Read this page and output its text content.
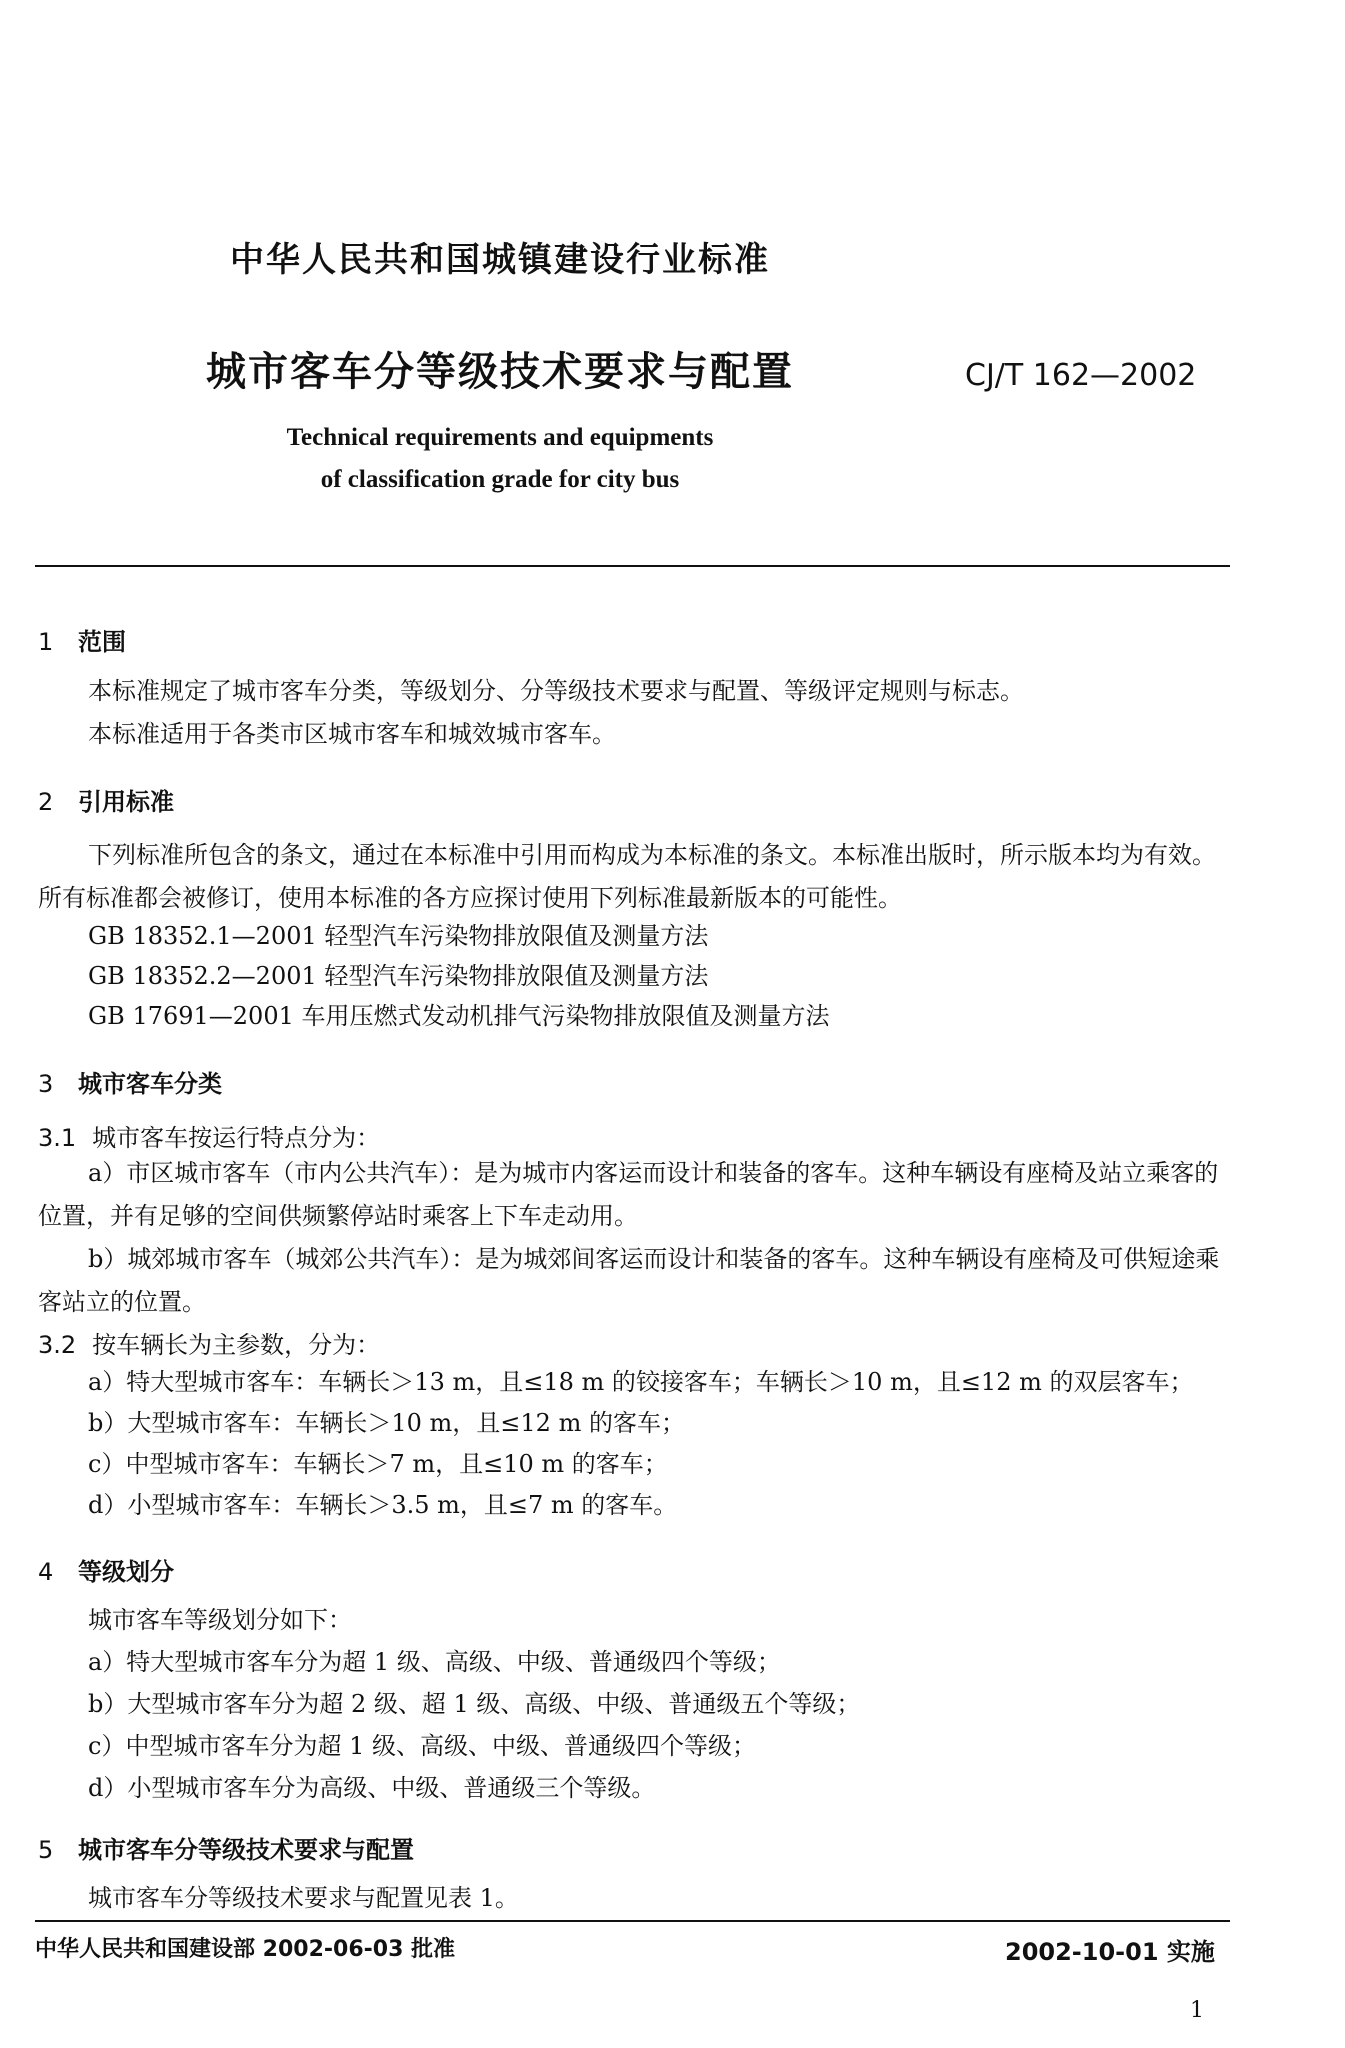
中华人民共和国城镇建设行业标准
城市客车分等级技术要求与配置	CJ/T 162—2002
Technical requirements and equipments
of classification grade for city bus
1 范围
本标准规定了城市客车分类，等级划分、分等级技术要求与配置、等级评定规则与标志。
本标准适用于各类市区城市客车和城效城市客车。
2 引用标准
下列标准所包含的条文，通过在本标准中引用而构成为本标准的条文。本标准出版时，所示版本均为有效。所有标准都会被修订，使用本标准的各方应探讨使用下列标准最新版本的可能性。
GB 18352.1—2001 轻型汽车污染物排放限值及测量方法
GB 18352.2—2001 轻型汽车污染物排放限值及测量方法
GB 17691—2001 车用压燃式发动机排气污染物排放限值及测量方法
3 城市客车分类
3.1 城市客车按运行特点分为：
a）市区城市客车（市内公共汽车）：是为城市内客运而设计和装备的客车。这种车辆设有座椅及站立乘客的位置，并有足够的空间供频繁停站时乘客上下车走动用。
b）城郊城市客车（城郊公共汽车）：是为城郊间客运而设计和装备的客车。这种车辆设有座椅及可供短途乘客站立的位置。
3.2 按车辆长为主参数，分为：
a）特大型城市客车：车辆长＞13 m，且≤18 m 的铰接客车；车辆长＞10 m，且≤12 m 的双层客车；
b）大型城市客车：车辆长＞10 m，且≤12 m 的客车；
c）中型城市客车：车辆长＞7 m，且≤10 m 的客车；
d）小型城市客车：车辆长＞3.5 m，且≤7 m 的客车。
4 等级划分
城市客车等级划分如下：
a）特大型城市客车分为超 1 级、高级、中级、普通级四个等级；
b）大型城市客车分为超 2 级、超 1 级、高级、中级、普通级五个等级；
c）中型城市客车分为超 1 级、高级、中级、普通级四个等级；
d）小型城市客车分为高级、中级、普通级三个等级。
5 城市客车分等级技术要求与配置
城市客车分等级技术要求与配置见表 1。
中华人民共和国建设部 2002-06-03 批准	2002-10-01 实施
1
